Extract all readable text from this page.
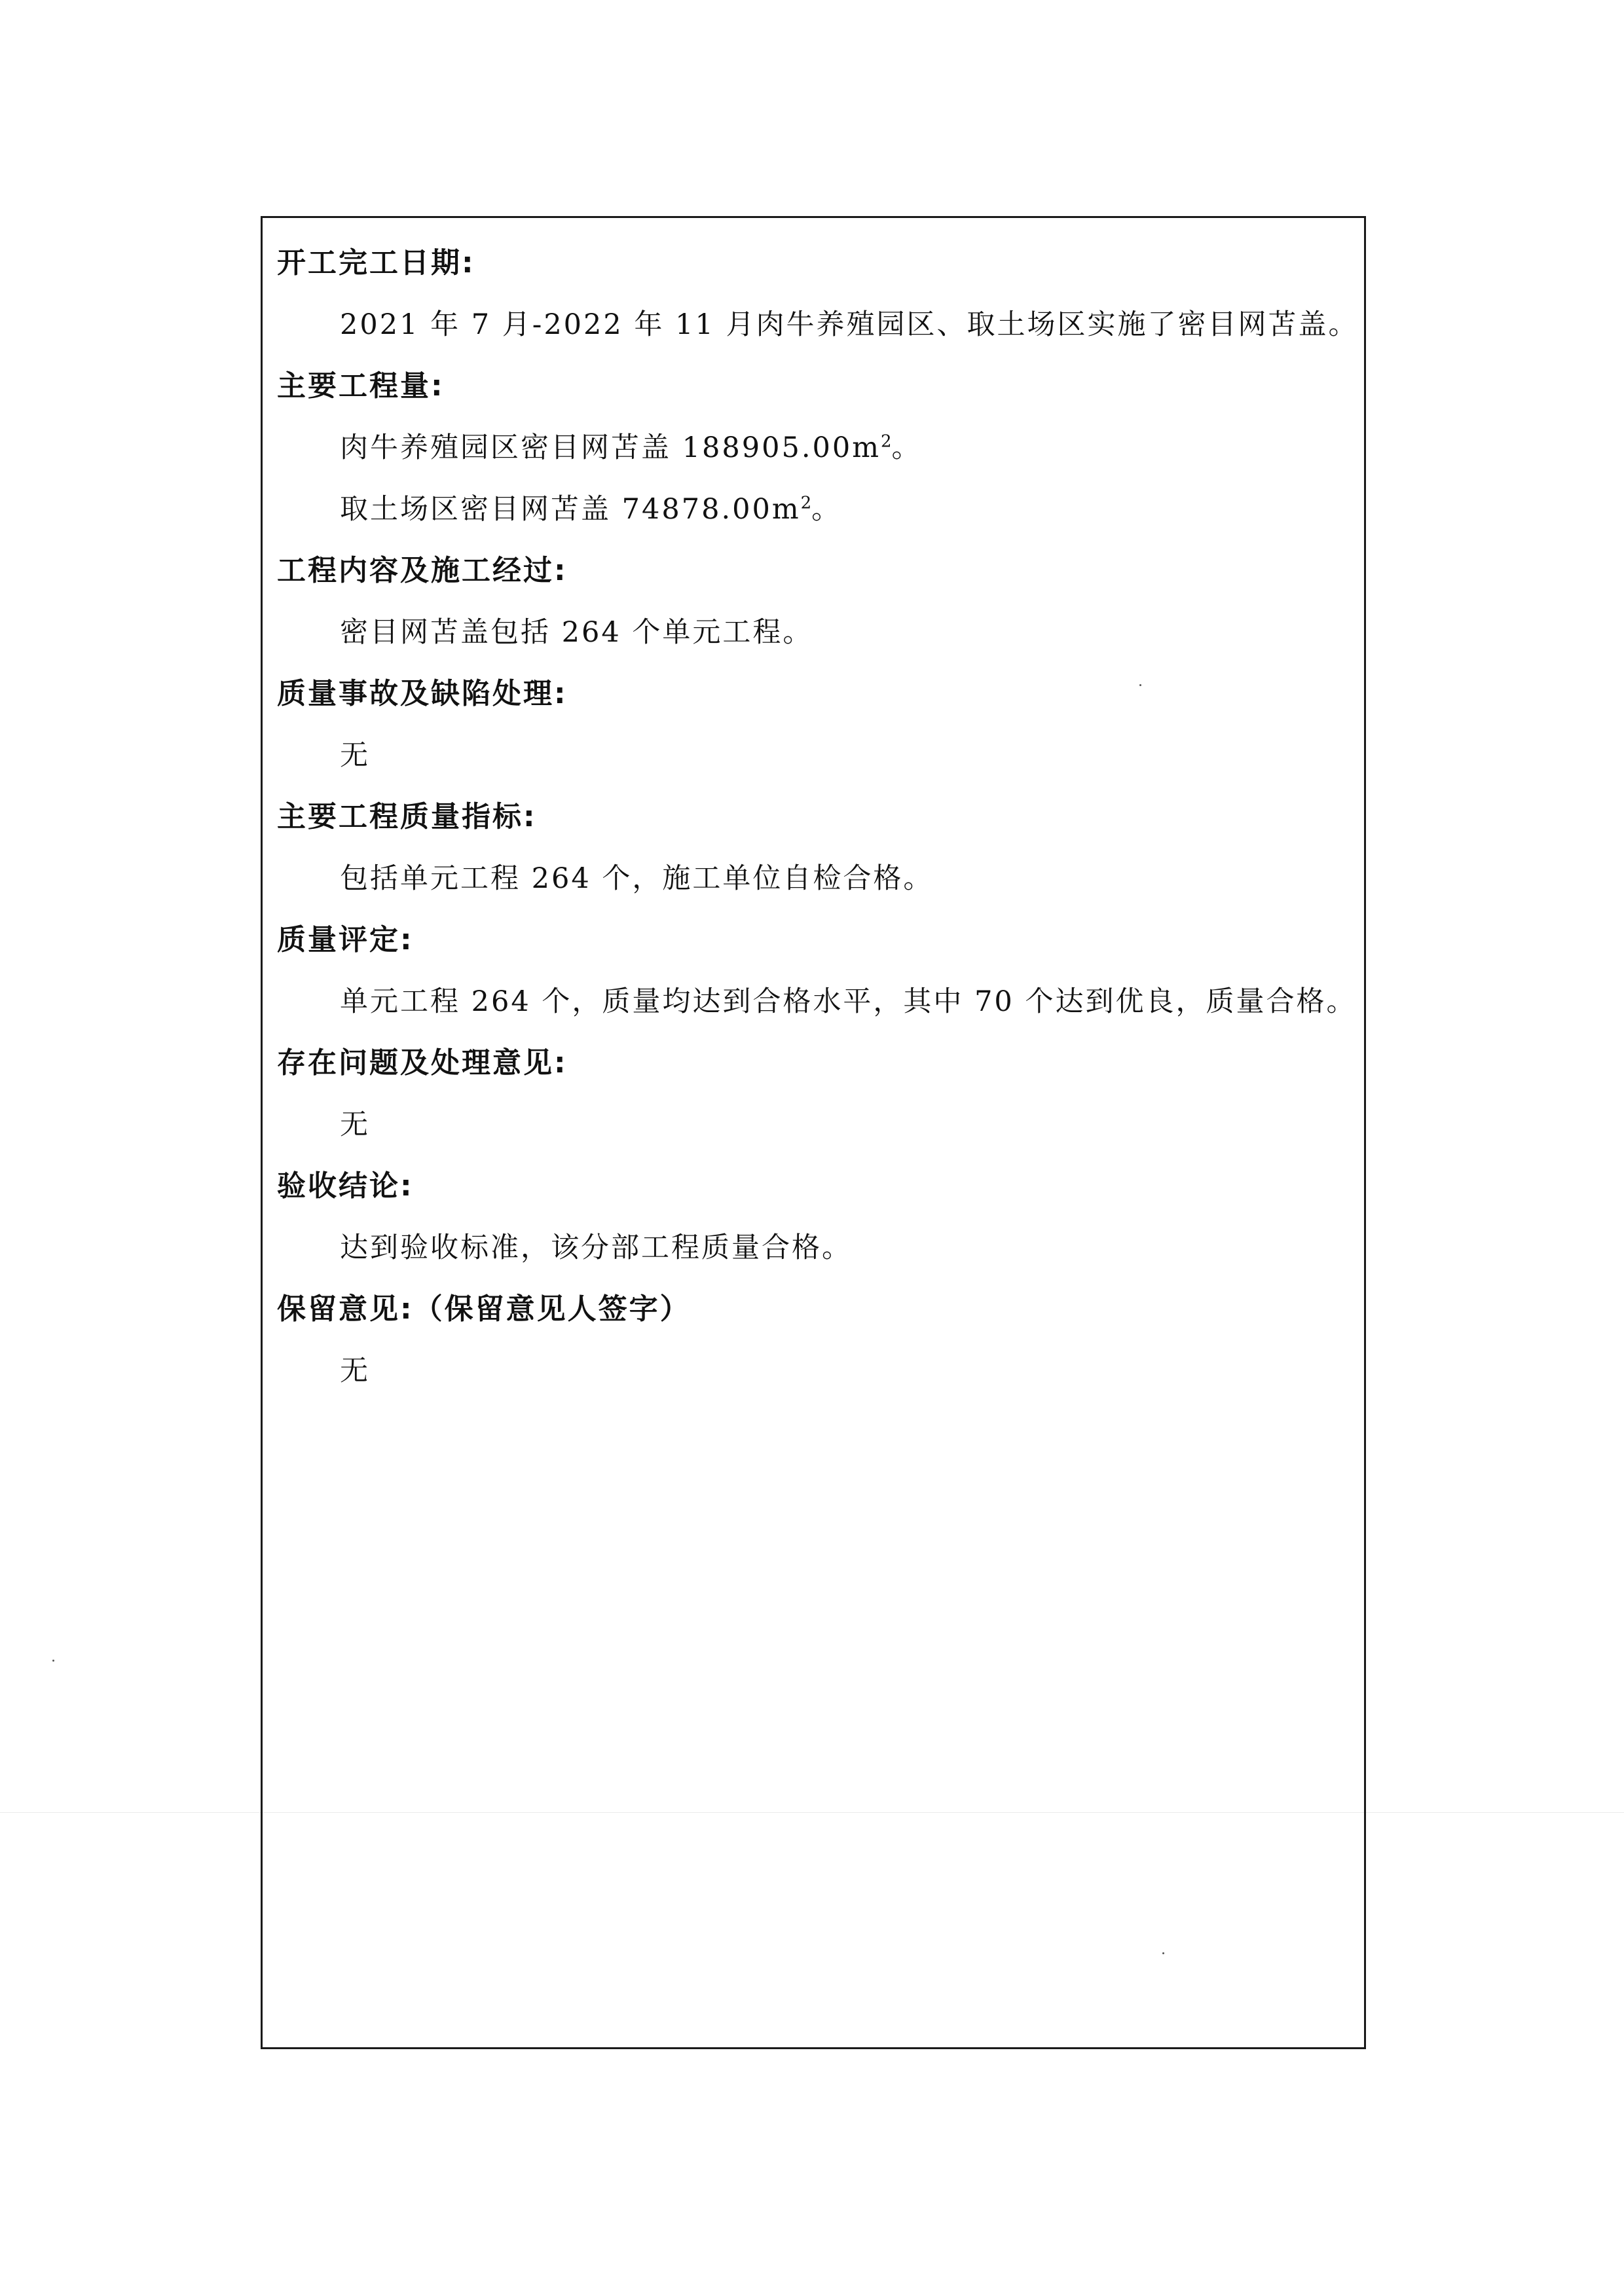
开工完工日期:
2021 年 7 月-2022 年 11 月肉牛养殖园区、取土场区实施了密目网苫盖。
主要工程量:
肉牛养殖园区密目网苫盖 $188905.00m^2$。
取土场区密目网苫盖 $74878.00m^2$。
工程内容及施工经过:
密目网苫盖包括 264 个单元工程。
质量事故及缺陷处理:
无
主要工程质量指标:
包括单元工程 264 个，施工单位自检合格。
质量评定:
单元工程 264 个，质量均达到合格水平，其中 70 个达到优良，质量合格。
存在问题及处理意见:
无
验收结论:
达到验收标准，该分部工程质量合格。
保留意见:（保留意见人签字）
无
